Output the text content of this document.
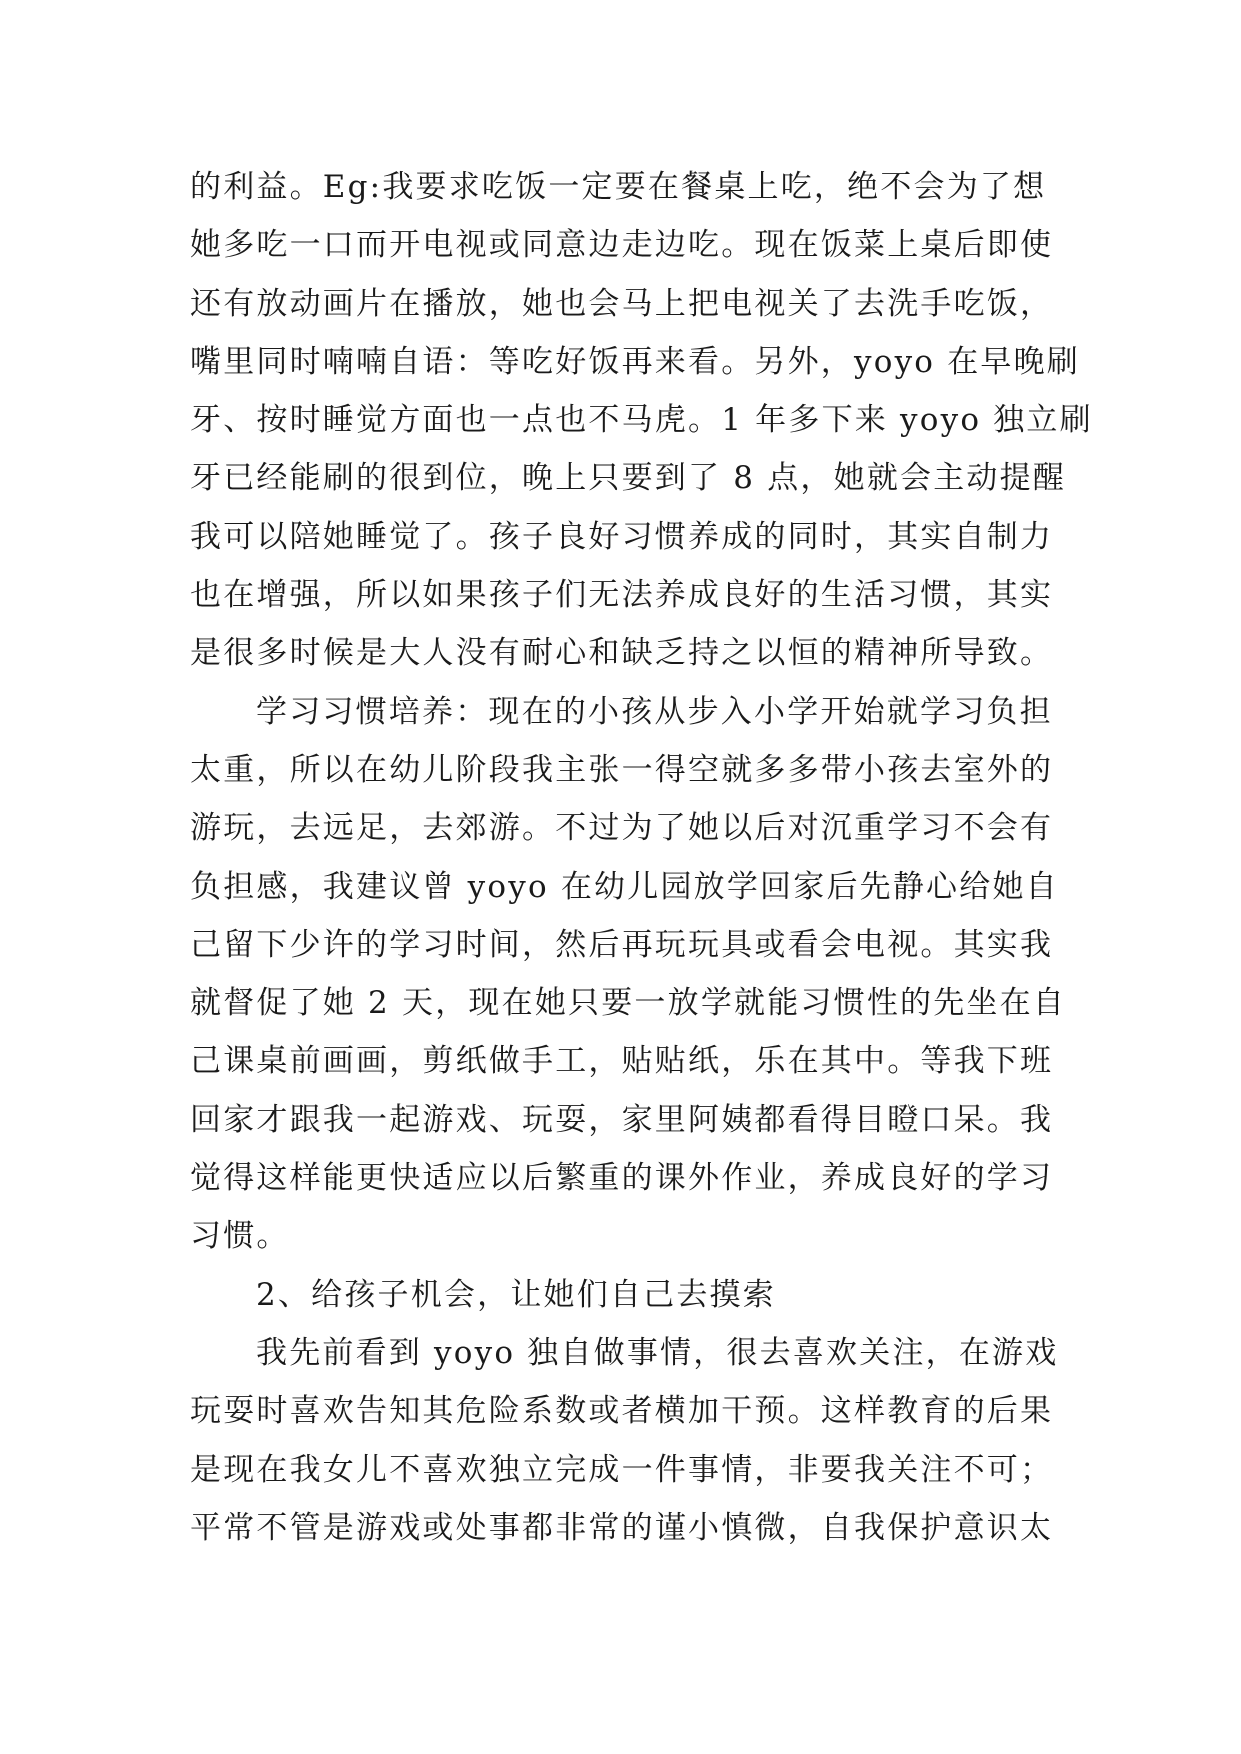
的利益。Eg:我要求吃饭一定要在餐桌上吃，绝不会为了想
她多吃一口而开电视或同意边走边吃。现在饭菜上桌后即使
还有放动画片在播放，她也会马上把电视关了去洗手吃饭，
嘴里同时喃喃自语：等吃好饭再来看。另外，yoyo 在早晚刷
牙、按时睡觉方面也一点也不马虎。1 年多下来 yoyo 独立刷
牙已经能刷的很到位，晚上只要到了 8 点，她就会主动提醒
我可以陪她睡觉了。孩子良好习惯养成的同时，其实自制力
也在增强，所以如果孩子们无法养成良好的生活习惯，其实
是很多时候是大人没有耐心和缺乏持之以恒的精神所导致。
学习习惯培养：现在的小孩从步入小学开始就学习负担
太重，所以在幼儿阶段我主张一得空就多多带小孩去室外的
游玩，去远足，去郊游。不过为了她以后对沉重学习不会有
负担感，我建议曾 yoyo 在幼儿园放学回家后先静心给她自
己留下少许的学习时间，然后再玩玩具或看会电视。其实我
就督促了她 2 天，现在她只要一放学就能习惯性的先坐在自
己课桌前画画，剪纸做手工，贴贴纸，乐在其中。等我下班
回家才跟我一起游戏、玩耍，家里阿姨都看得目瞪口呆。我
觉得这样能更快适应以后繁重的课外作业，养成良好的学习
习惯。
2、给孩子机会，让她们自己去摸索
我先前看到 yoyo 独自做事情，很去喜欢关注，在游戏
玩耍时喜欢告知其危险系数或者横加干预。这样教育的后果
是现在我女儿不喜欢独立完成一件事情，非要我关注不可；
平常不管是游戏或处事都非常的谨小慎微，自我保护意识太
